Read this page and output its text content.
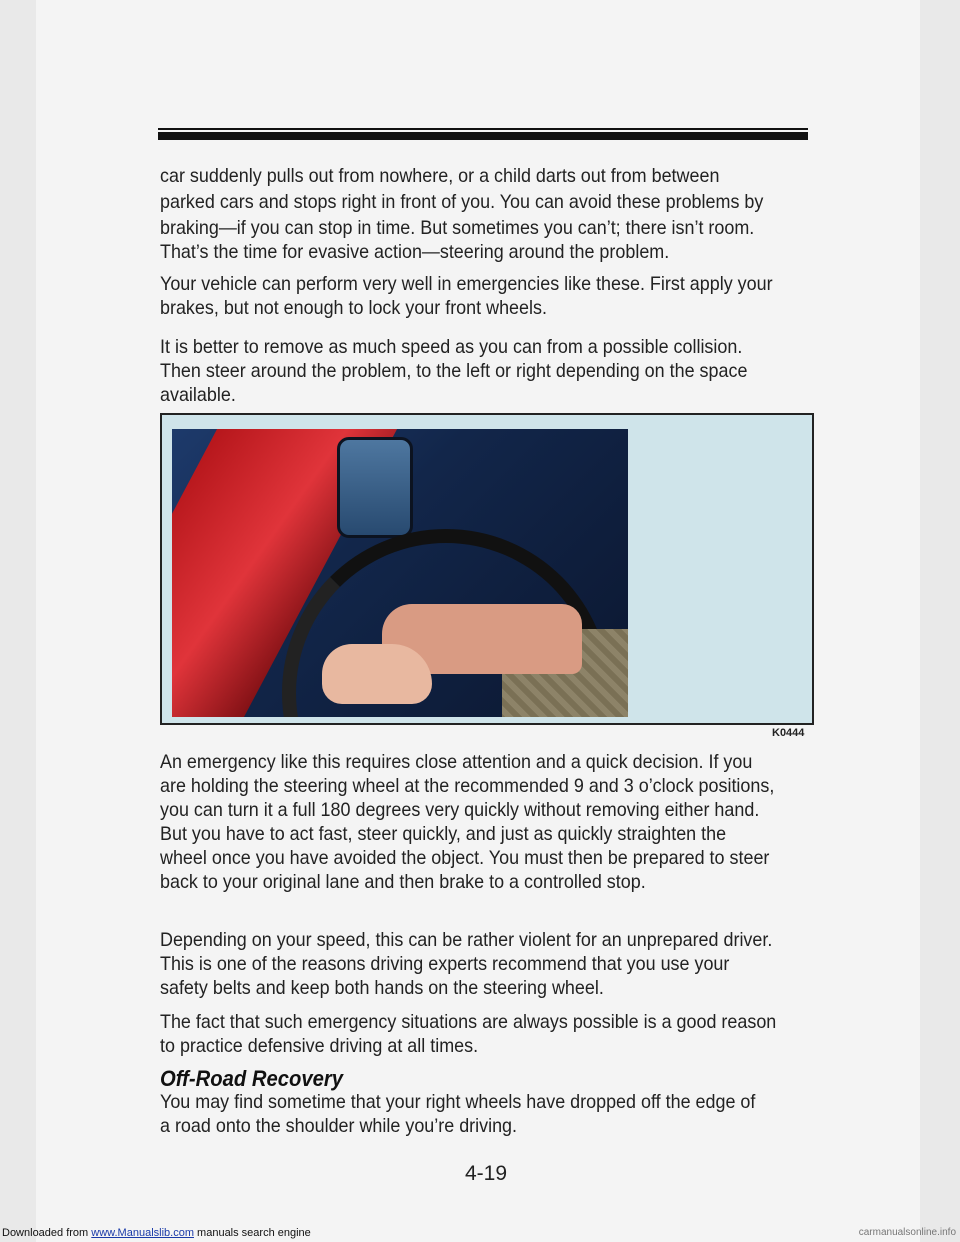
car suddenly pulls out from nowhere, or a child darts out from between

parked cars and stops right in front of you. You can avoid these problems by

braking—if you can stop in time. But sometimes you can’t; there isn’t room.

That’s the time for evasive action—steering around the problem.

Your vehicle can perform very well in emergencies like these. First apply your

brakes, but not enough to lock your front wheels.

It is better to remove as much speed as you can from a possible collision.

Then steer around the problem, to the left or right depending on the space

available.

K0444

An emergency like this requires close attention and a quick decision. If you

are holding the steering wheel at the recommended 9 and 3 o’clock positions,

you can turn it a full 180 degrees very quickly without removing either hand.

But you have to act fast, steer quickly, and just as quickly straighten the

wheel once you have avoided the object. You must then be prepared to steer

back to your original lane and then brake to a controlled stop.

Depending on your speed, this can be rather violent for an unprepared driver.

This is one of the reasons driving experts recommend that you use your

safety belts and keep both hands on the steering wheel.

The fact that such emergency situations are always possible is a good reason

to practice defensive driving at all times.

Off-Road Recovery

You may find sometime that your right wheels have dropped off the edge of

a road onto the shoulder while you’re driving.

4-19
Downloaded from www.Manualslib.com manuals search engine	carmanualsonline.info
